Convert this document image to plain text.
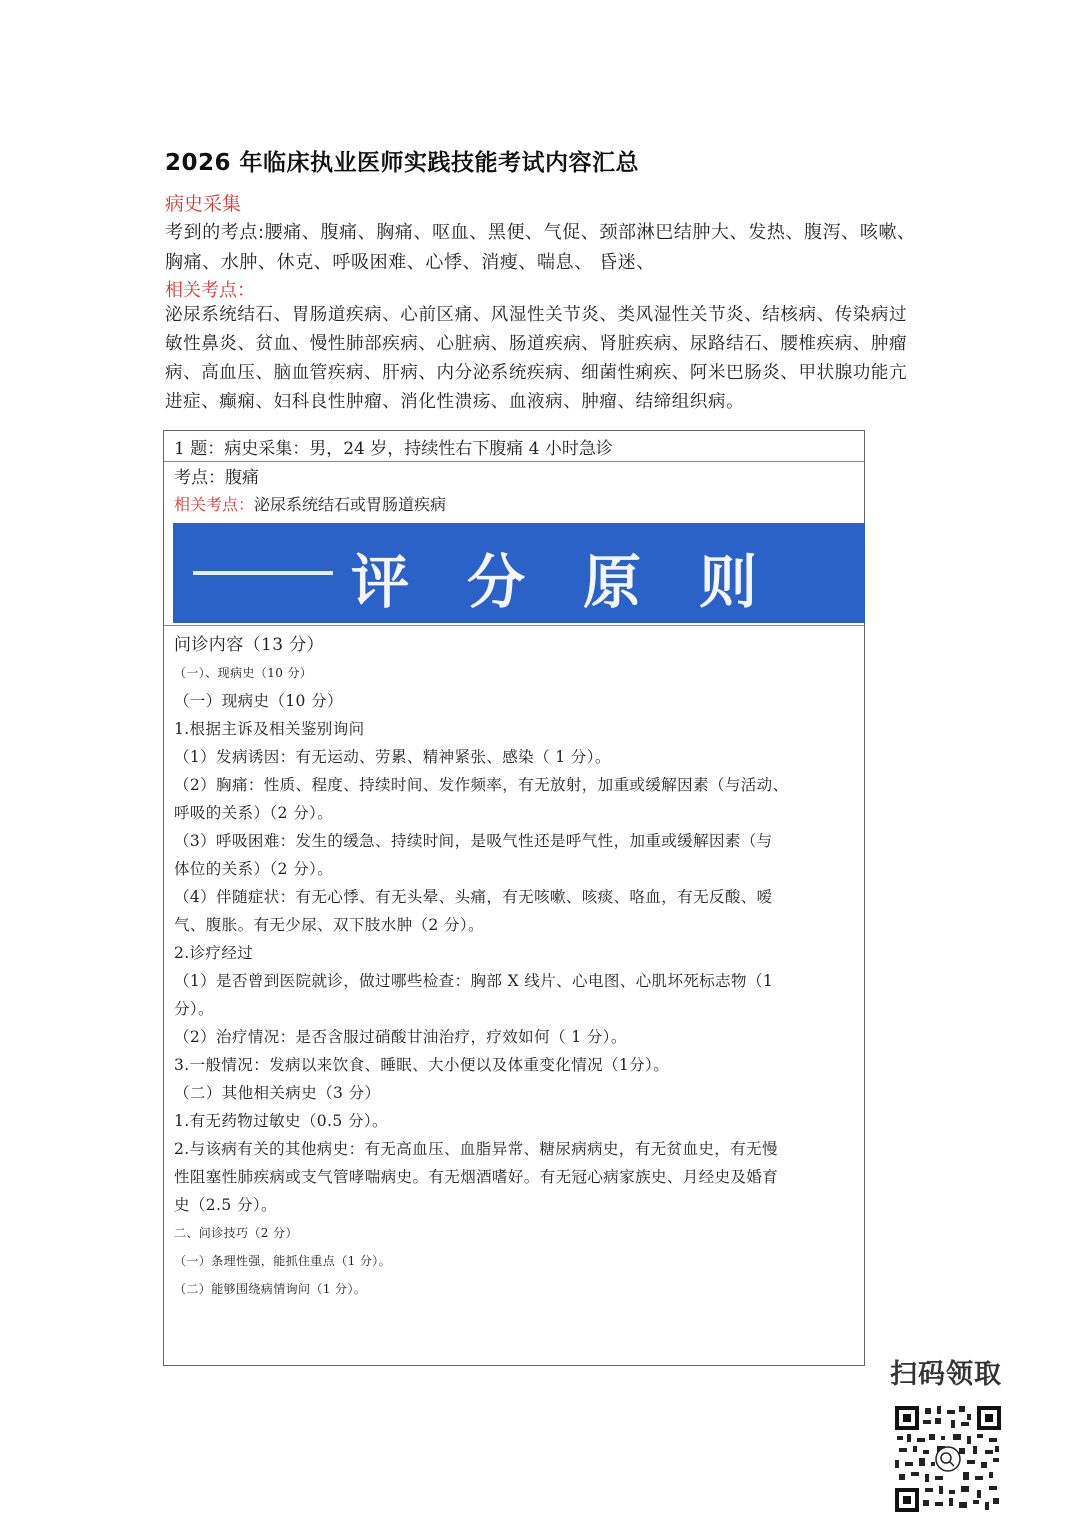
2026 年临床执业医师实践技能考试内容汇总
病史采集
考到的考点:腰痛、腹痛、胸痛、呕血、黑便、气促、颈部淋巴结肿大、发热、腹泻、咳嗽、胸痛、水肿、休克、呼吸困难、心悸、消瘦、喘息、 昏迷、
相关考点：
泌尿系统结石、胃肠道疾病、心前区痛、风湿性关节炎、类风湿性关节炎、结核病、传染病过敏性鼻炎、贫血、慢性肺部疾病、心脏病、肠道疾病、肾脏疾病、尿路结石、腰椎疾病、肿瘤病、高血压、脑血管疾病、肝病、内分泌系统疾病、细菌性痢疾、阿米巴肠炎、甲状腺功能亢进症、癫痫、妇科良性肿瘤、消化性溃疡、血液病、肿瘤、结缔组织病。
1 题：病史采集：男，24 岁，持续性右下腹痛 4 小时急诊
考点：腹痛
相关考点：泌尿系统结石或胃肠道疾病
评分原则
问诊内容（13 分）
（一）、现病史（10 分）
（一）现病史（10 分）
1.根据主诉及相关鉴别询问
（1）发病诱因：有无运动、劳累、精神紧张、感染（ 1 分）。
（2）胸痛：性质、程度、持续时间、发作频率，有无放射，加重或缓解因素（与活动、
呼吸的关系）（2 分）。
（3）呼吸困难：发生的缓急、持续时间，是吸气性还是呼气性，加重或缓解因素（与
体位的关系）（2 分）。
（4）伴随症状：有无心悸、有无头晕、头痛，有无咳嗽、咳痰、咯血，有无反酸、嗳
气、腹胀。有无少尿、双下肢水肿（2 分）。
2.诊疗经过
（1）是否曾到医院就诊，做过哪些检查：胸部 X 线片、心电图、心肌坏死标志物（1
分）。
（2）治疗情况：是否含服过硝酸甘油治疗，疗效如何（ 1 分）。
3.一般情况：发病以来饮食、睡眠、大小便以及体重变化情况（1分）。
（二）其他相关病史（3 分）
1.有无药物过敏史（0.5 分）。
2.与该病有关的其他病史：有无高血压、血脂异常、糖尿病病史，有无贫血史，有无慢
性阻塞性肺疾病或支气管哮喘病史。有无烟酒嗜好。有无冠心病家族史、月经史及婚育
史（2.5 分）。
二、问诊技巧（2 分）
（一）条理性强，能抓住重点（1 分）。
（二）能够围绕病情询问（1 分）。
扫码领取
